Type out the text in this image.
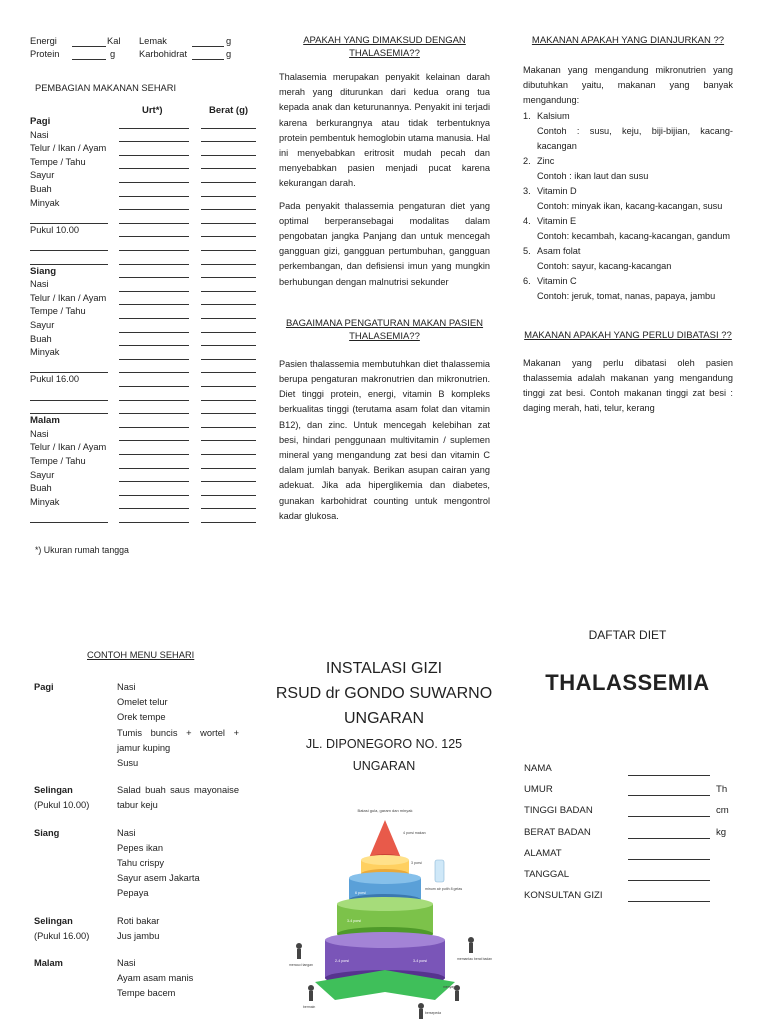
Energi	Kal
Protein	g
Lemak	g
Karbohidrat	g
PEMBAGIAN MAKANAN SEHARI
Urt*)	Berat (g)
Pagi
Nasi
Telur / Ikan / Ayam
Tempe / Tahu
Sayur
Buah
Minyak
Pukul 10.00
Siang
Nasi
Telur / Ikan / Ayam
Tempe / Tahu
Sayur
Buah
Minyak
Pukul 16.00
Malam
Nasi
Telur / Ikan / Ayam
Tempe / Tahu
Sayur
Buah
Minyak
*) Ukuran rumah tangga
APAKAH YANG DIMAKSUD DENGAN THALASEMIA??
Thalasemia merupakan penyakit kelainan darah merah yang diturunkan dari kedua orang tua kepada anak dan keturunannya. Penyakit ini terjadi karena berkurangnya atau tidak terbentuknya protein pembentuk hemoglobin utama manusia. Hal ini menyebabkan eritrosit mudah pecah dan menyebabkan pasien menjadi pucat karena kekurangan darah.
Pada penyakit thalassemia pengaturan diet yang optimal berperansebagai modalitas dalam pengobatan jangka Panjang dan untuk mencegah gangguan gizi, gangguan pertumbuhan, gangguan perkembangan, dan defisiensi imun yang mungkin berhubungan dengan malnutrisi sekunder
BAGAIMANA PENGATURAN MAKAN PASIEN THALASEMIA??
Pasien thalassemia membutuhkan diet thalassemia berupa pengaturan makronutrien dan mikronutrien. Diet tinggi protein, energi, vitamin B kompleks berkualitas tinggi (terutama asam folat dan vitamin B12), dan zinc. Untuk mencegah kelebihan zat besi, hindari penggunaan multivitamin / suplemen mineral yang mengandung zat besi dan vitamin C dalam jumlah banyak. Berikan asupan cairan yang adekuat. Jika ada hiperglikemia dan diabetes, gunakan karbohidrat counting untuk mengontrol kadar glukosa.
MAKANAN APAKAH YANG DIANJURKAN ??
Makanan yang mengandung mikronutrien yang dibutuhkan yaitu, makanan yang banyak mengandung:
1. Kalsium
Contoh : susu, keju, biji-bijian, kacang-kacangan
2. Zinc
Contoh : ikan laut dan susu
3. Vitamin D
Contoh: minyak ikan, kacang-kacangan, susu
4. Vitamin E
Contoh: kecambah, kacang-kacangan, gandum
5. Asam folat
Contoh: sayur, kacang-kacangan
6. Vitamin C
Contoh: jeruk, tomat, nanas, papaya, jambu
MAKANAN APAKAH YANG PERLU DIBATASI ??
Makanan yang perlu dibatasi oleh pasien thalassemia adalah makanan yang mengandung tinggi zat besi. Contoh makanan tinggi zat besi : daging merah, hati, telur, kerang
CONTOH MENU SEHARI
Pagi	Nasi
Omelet telur
Orek tempe
Tumis buncis + wortel + jamur kuping
Susu
Selingan
(Pukul 10.00)
Salad buah saus mayonaise tabur keju
Siang	Nasi
Pepes ikan
Tahu crispy
Sayur asem Jakarta
Pepaya
Selingan
(Pukul 16.00)
Roti bakar
Jus jambu
Malam	Nasi
Ayam asam manis
Tempe bacem
INSTALASI GIZI
RSUD dr GONDO SUWARNO
UNGARAN
JL. DIPONEGORO NO. 125
UNGARAN
Batasi gula, garam dan minyak
4 porsi makan
3 porsi
6 porsi
3-4 porsi
2-4 porsi	3-4 porsi
minum air putih 8 gelas
mencuci tangan
memantau berat badan
bermain
menyapu
bersepeda
DAFTAR DIET
THALASSEMIA
NAMA
UMUR	Th
TINGGI BADAN	cm
BERAT BADAN	kg
ALAMAT
TANGGAL
KONSULTAN GIZI
